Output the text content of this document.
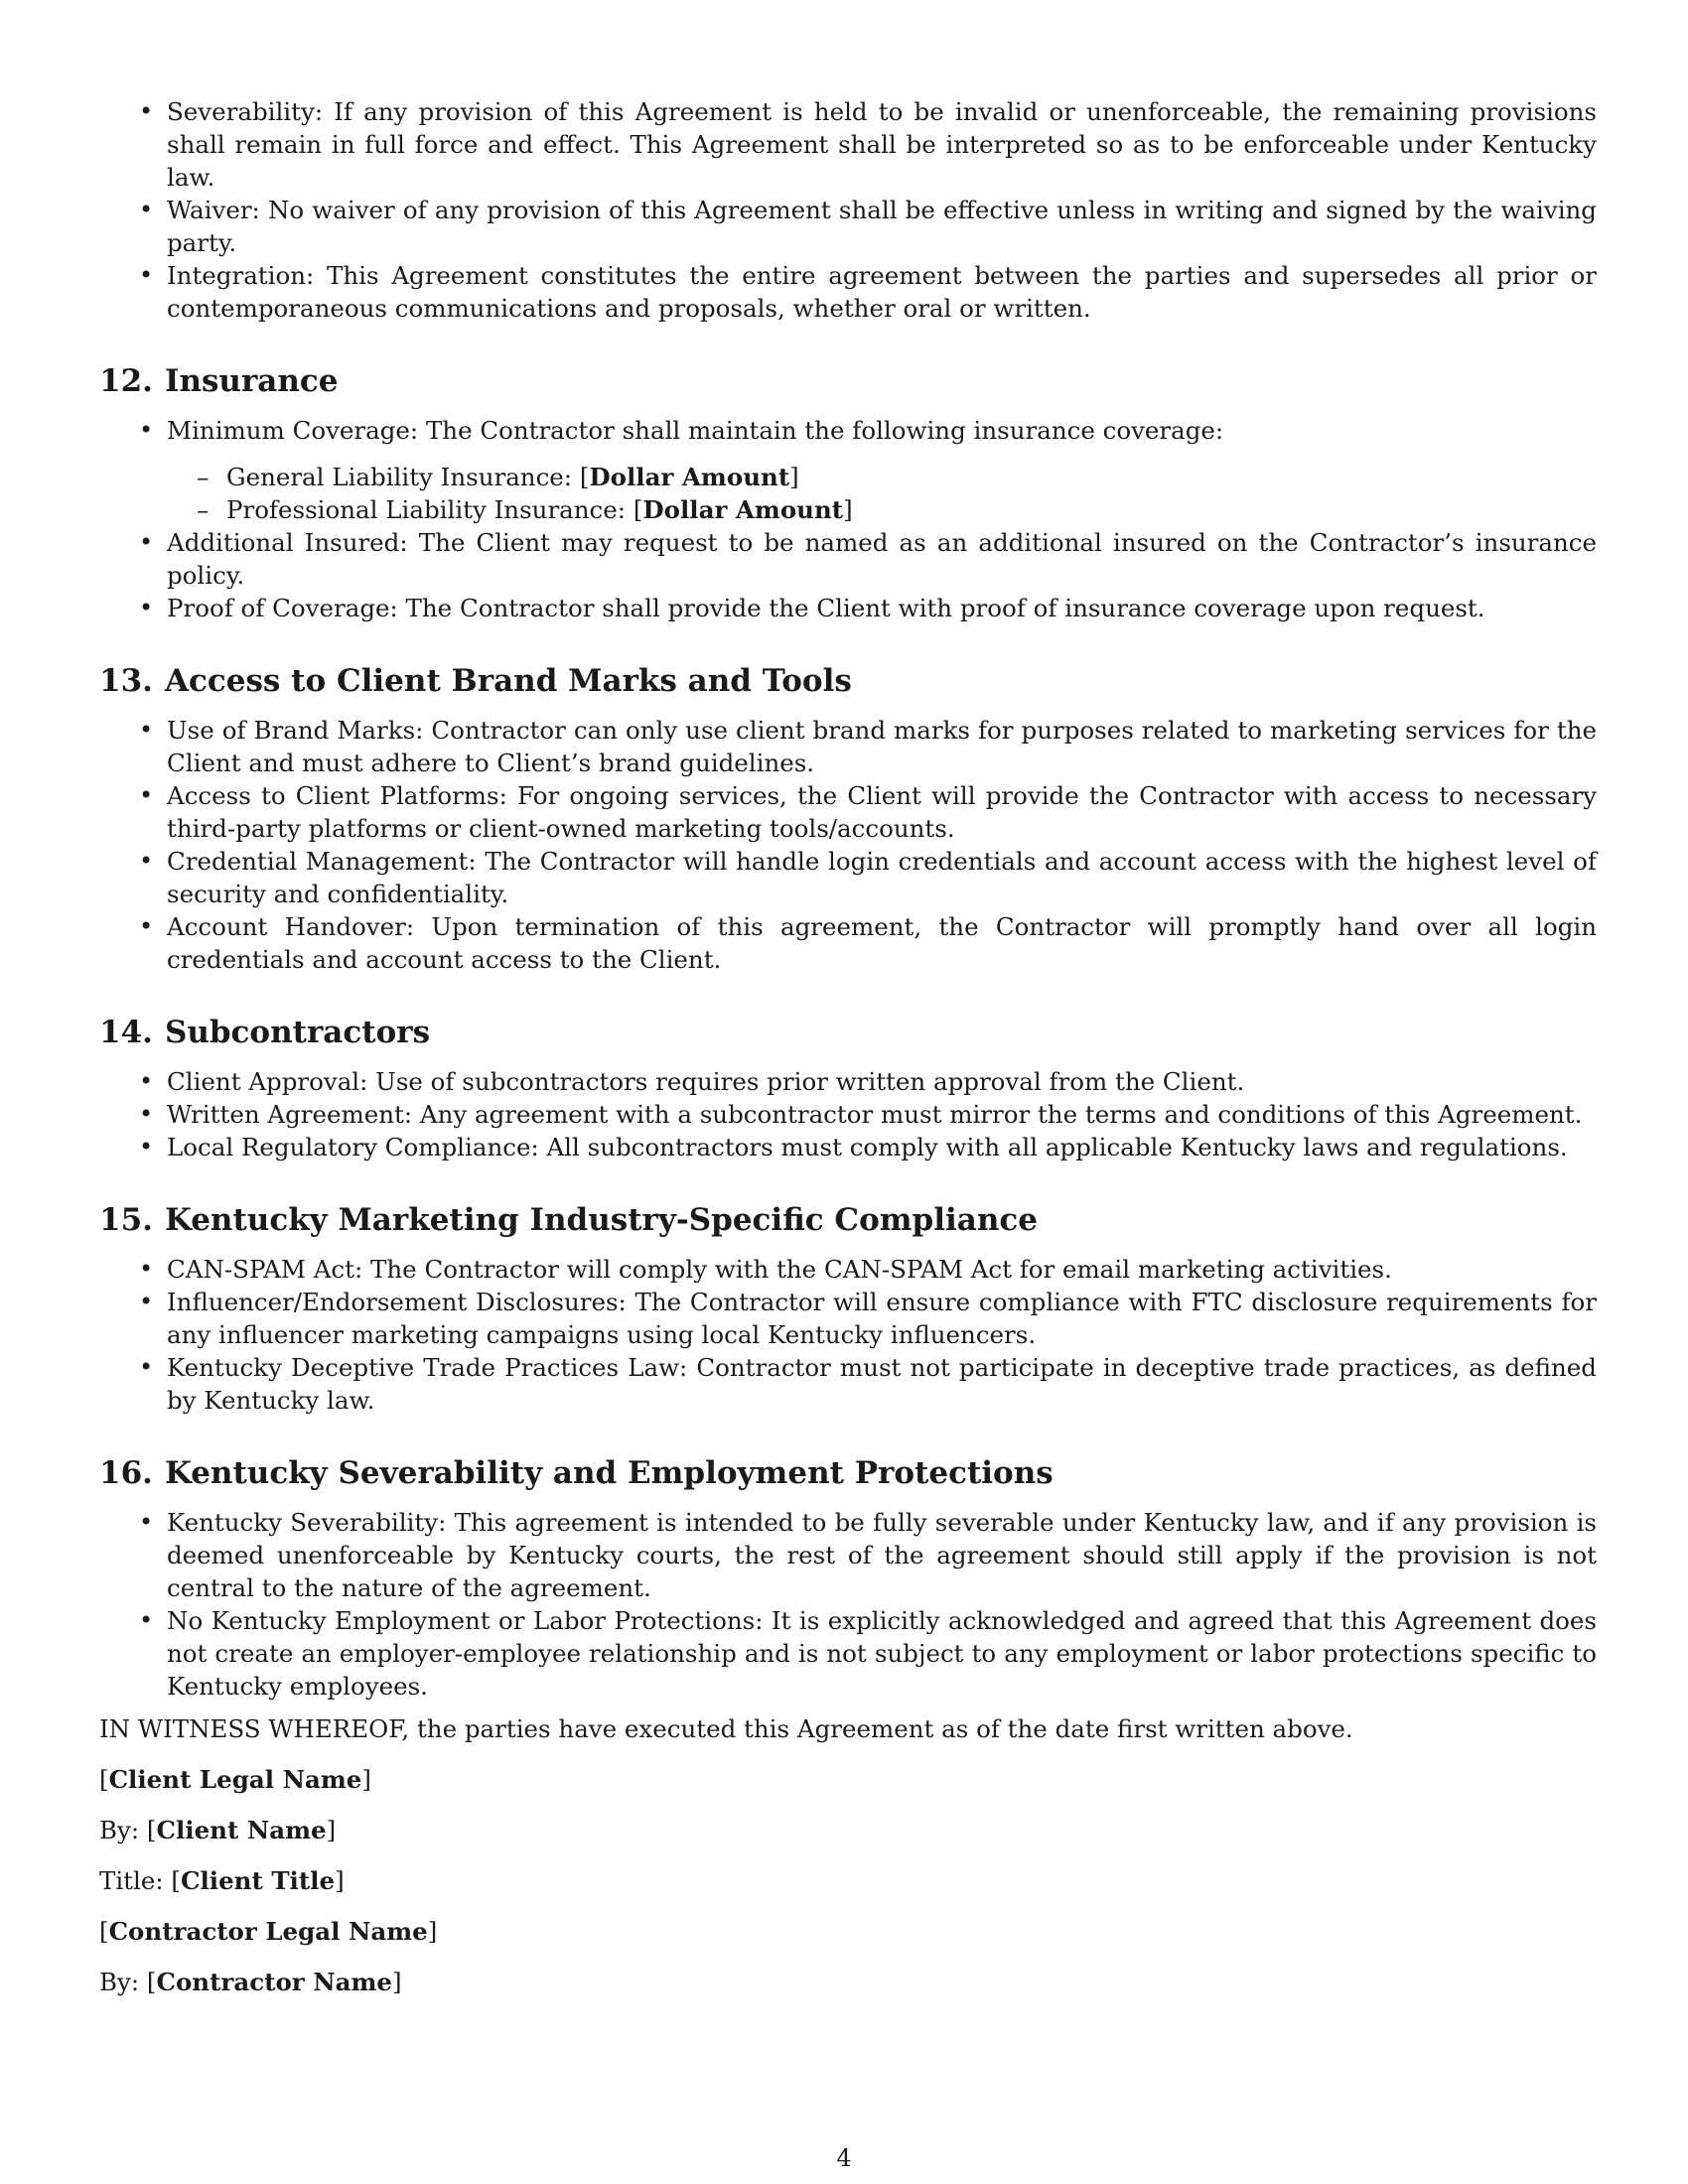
• Severability: If any provision of this Agreement is held to be invalid or unenforceable, the remaining provisions shall remain in full force and effect. This Agreement shall be interpreted so as to be enforceable under Kentucky law.
• Waiver: No waiver of any provision of this Agreement shall be effective unless in writing and signed by the waiving party.
• Integration: This Agreement constitutes the entire agreement between the parties and supersedes all prior or contemporaneous communications and proposals, whether oral or written.
12. Insurance
• Minimum Coverage: The Contractor shall maintain the following insurance coverage:
– General Liability Insurance: [Dollar Amount]
– Professional Liability Insurance: [Dollar Amount]
• Additional Insured: The Client may request to be named as an additional insured on the Contractor’s insurance policy.
• Proof of Coverage: The Contractor shall provide the Client with proof of insurance coverage upon request.
13. Access to Client Brand Marks and Tools
• Use of Brand Marks: Contractor can only use client brand marks for purposes related to marketing services for the Client and must adhere to Client’s brand guidelines.
• Access to Client Platforms: For ongoing services, the Client will provide the Contractor with access to necessary third-party platforms or client-owned marketing tools/accounts.
• Credential Management: The Contractor will handle login credentials and account access with the highest level of security and confidentiality.
• Account Handover: Upon termination of this agreement, the Contractor will promptly hand over all login credentials and account access to the Client.
14. Subcontractors
• Client Approval: Use of subcontractors requires prior written approval from the Client.
• Written Agreement: Any agreement with a subcontractor must mirror the terms and conditions of this Agreement.
• Local Regulatory Compliance: All subcontractors must comply with all applicable Kentucky laws and regulations.
15. Kentucky Marketing Industry-Specific Compliance
• CAN-SPAM Act: The Contractor will comply with the CAN-SPAM Act for email marketing activities.
• Influencer/Endorsement Disclosures: The Contractor will ensure compliance with FTC disclosure requirements for any influencer marketing campaigns using local Kentucky influencers.
• Kentucky Deceptive Trade Practices Law: Contractor must not participate in deceptive trade practices, as defined by Kentucky law.
16. Kentucky Severability and Employment Protections
• Kentucky Severability: This agreement is intended to be fully severable under Kentucky law, and if any provision is deemed unenforceable by Kentucky courts, the rest of the agreement should still apply if the provision is not central to the nature of the agreement.
• No Kentucky Employment or Labor Protections: It is explicitly acknowledged and agreed that this Agreement does not create an employer-employee relationship and is not subject to any employment or labor protections specific to Kentucky employees.

IN WITNESS WHEREOF, the parties have executed this Agreement as of the date first written above.

[Client Legal Name]

By: [Client Name]

Title: [Client Title]

[Contractor Legal Name]

By: [Contractor Name]

4
